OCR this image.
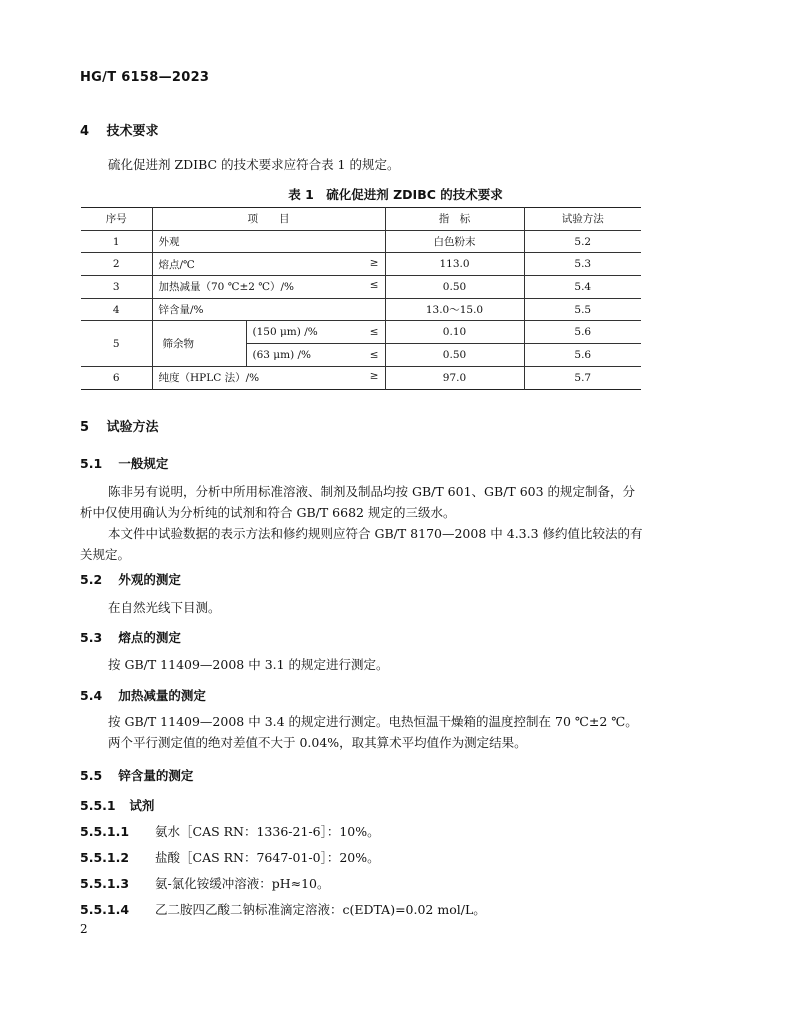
HG/T 6158—2023
4 技术要求
硫化促进剂 ZDIBC 的技术要求应符合表 1 的规定。
表 1　硫化促进剂 ZDIBC 的技术要求
序号	项　　目		指　标	试验方法
1	外观		白色粉末	5.2
2	熔点/℃ ≥		113.0	5.3
3	加热减量（70 ℃±2 ℃）/% ≤		0.50	5.4
4	锌含量/%		13.0～15.0	5.5
5	筛余物	(150 μm) /% ≤	0.10	5.6
		(63 μm) /% ≤	0.50	5.6
6	纯度（HPLC 法）/% ≥		97.0	5.7
5 试验方法
5.1 一般规定
陈非另有说明，分析中所用标准溶液、制剂及制品均按 GB/T 601、GB/T 603 的规定制备，分
析中仅使用确认为分析纯的试剂和符合 GB/T 6682 规定的三级水。
本文件中试验数据的表示方法和修约规则应符合 GB/T 8170—2008 中 4.3.3 修约值比较法的有
关规定。
5.2 外观的测定
在自然光线下目测。
5.3 熔点的测定
按 GB/T 11409—2008 中 3.1 的规定进行测定。
5.4 加热减量的测定
按 GB/T 11409—2008 中 3.4 的规定进行测定。电热恒温干燥箱的温度控制在 70 ℃±2 ℃。
两个平行测定值的绝对差值不大于 0.04%，取其算术平均值作为测定结果。
5.5 锌含量的测定
5.5.1 试剂
5.5.1.1 氨水［CAS RN：1336-21-6］：10%。
5.5.1.2 盐酸［CAS RN：7647-01-0］：20%。
5.5.1.3 氨-氯化铵缓冲溶液：pH≈10。
5.5.1.4 乙二胺四乙酸二钠标准滴定溶液：c(EDTA)=0.02 mol/L。
2
